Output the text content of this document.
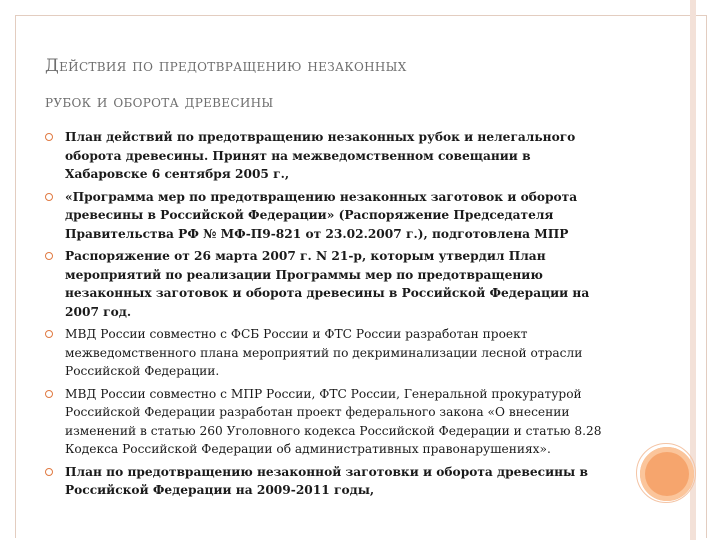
Действия по предотвращению незаконных
рубок и оборота древесины
План действий по предотвращению незаконных рубок и нелегального оборота древесины. Принят на межведомственном совещании в Хабаровске 6 сентября 2005 г.,
«Программа мер по предотвращению незаконных заготовок и оборота древесины в Российской Федерации» (Распоряжение Председателя Правительства РФ № МФ-П9-821 от 23.02.2007 г.), подготовлена МПР
Распоряжение от 26 марта 2007 г. N 21-р, которым утвердил План мероприятий по реализации Программы мер по предотвращению незаконных заготовок и оборота древесины в Российской Федерации на 2007 год.
МВД России совместно с ФСБ России и ФТС России разработан проект межведомственного плана мероприятий по декриминализации лесной отрасли Российской Федерации.
МВД России совместно с МПР России, ФТС России, Генеральной прокуратурой Российской Федерации разработан проект федерального закона «О внесении изменений в статью 260 Уголовного кодекса Российской Федерации и статью 8.28 Кодекса Российской Федерации об административных правонарушениях».
План по предотвращению незаконной заготовки и оборота древесины в Российской Федерации на 2009-2011 годы,
